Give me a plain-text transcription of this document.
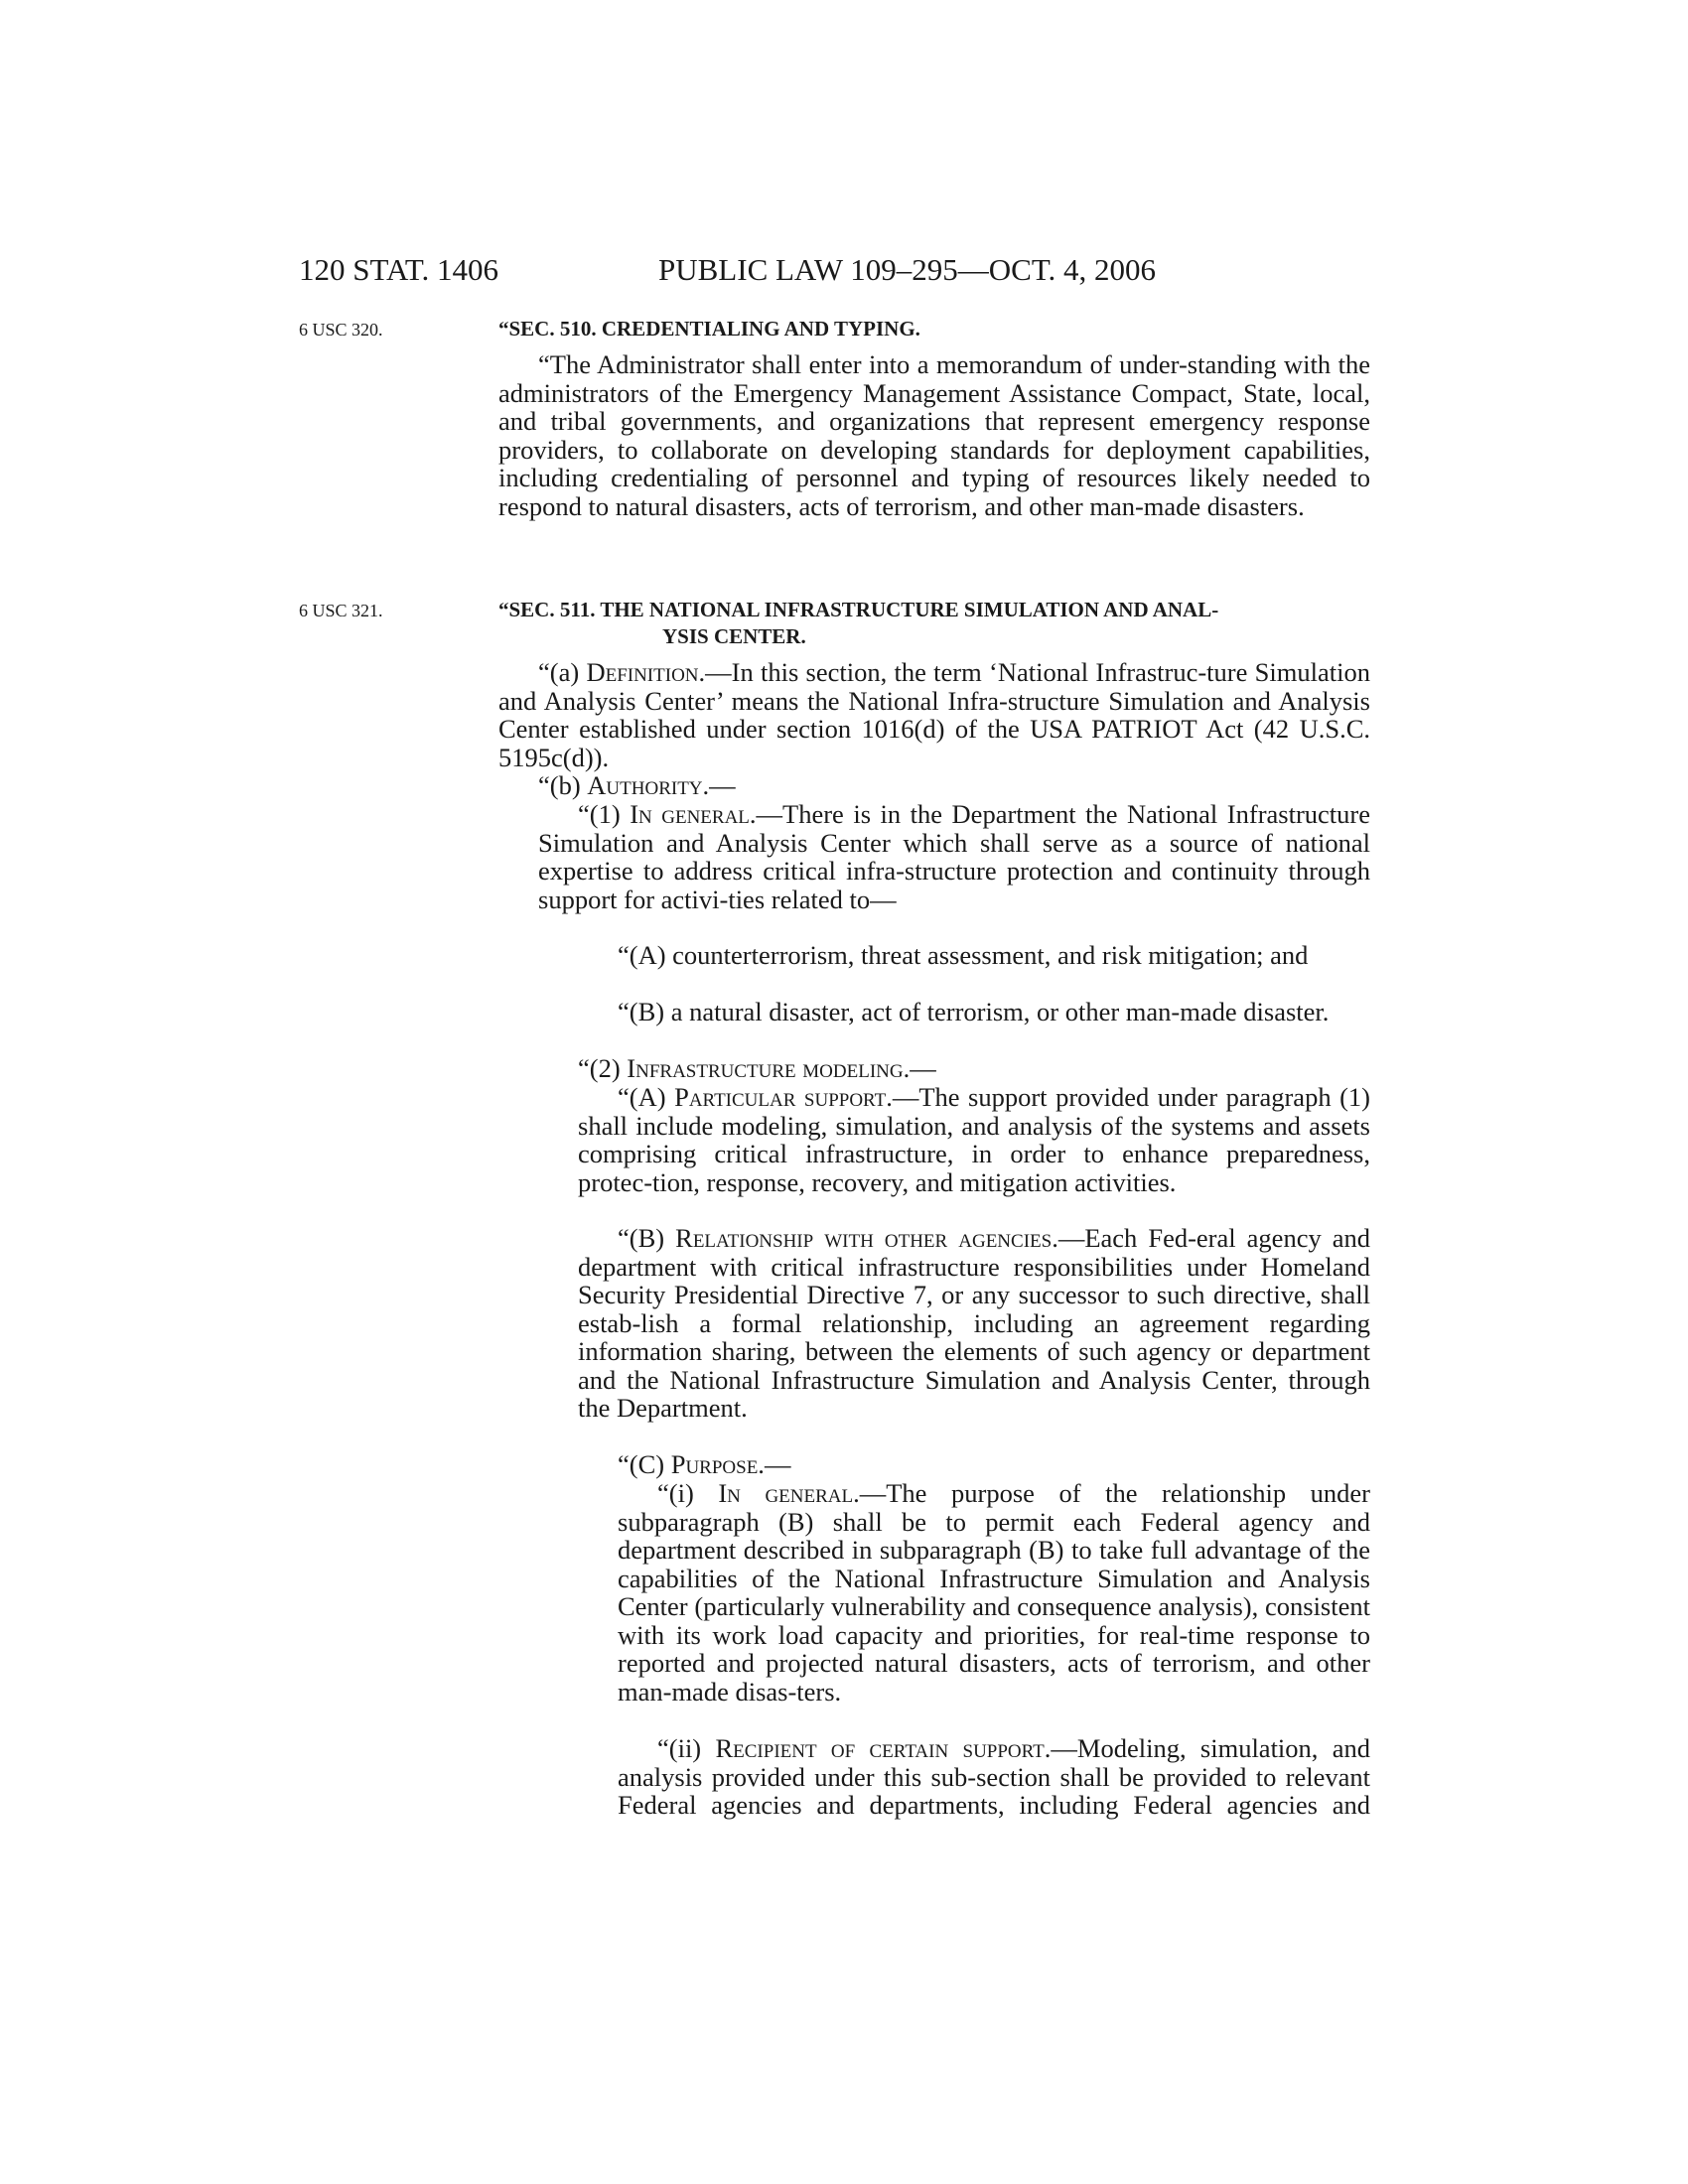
120 STAT. 1406	PUBLIC LAW 109–295—OCT. 4, 2006
6 USC 320.	“SEC. 510. CREDENTIALING AND TYPING.

“The Administrator shall enter into a memorandum of under-standing with the administrators of the Emergency Management Assistance Compact, State, local, and tribal governments, and organizations that represent emergency response providers, to collaborate on developing standards for deployment capabilities, including credentialing of personnel and typing of resources likely needed to respond to natural disasters, acts of terrorism, and other man-made disasters.

6 USC 321.	“SEC. 511. THE NATIONAL INFRASTRUCTURE SIMULATION AND ANAL-
YSIS CENTER.

“(a) Definition.—In this section, the term ‘National Infrastruc-ture Simulation and Analysis Center’ means the National Infra-structure Simulation and Analysis Center established under section 1016(d) of the USA PATRIOT Act (42 U.S.C. 5195c(d)).

“(b) Authority.—

“(1) In general.—There is in the Department the National Infrastructure Simulation and Analysis Center which shall serve as a source of national expertise to address critical infra-structure protection and continuity through support for activi-ties related to—

“(A) counterterrorism, threat assessment, and risk mitigation; and

“(B) a natural disaster, act of terrorism, or other man-made disaster.

“(2) Infrastructure modeling.—

“(A) Particular support.—The support provided under paragraph (1) shall include modeling, simulation, and analysis of the systems and assets comprising critical infrastructure, in order to enhance preparedness, protec-tion, response, recovery, and mitigation activities.

“(B) Relationship with other agencies.—Each Fed-eral agency and department with critical infrastructure responsibilities under Homeland Security Presidential Directive 7, or any successor to such directive, shall estab-lish a formal relationship, including an agreement regarding information sharing, between the elements of such agency or department and the National Infrastructure Simulation and Analysis Center, through the Department.

“(C) Purpose.—

“(i) In general.—The purpose of the relationship under subparagraph (B) shall be to permit each Federal agency and department described in subparagraph (B) to take full advantage of the capabilities of the National Infrastructure Simulation and Analysis Center (particularly vulnerability and consequence analysis), consistent with its work load capacity and priorities, for real-time response to reported and projected natural disasters, acts of terrorism, and other man-made disas-ters.

“(ii) Recipient of certain support.—Modeling, simulation, and analysis provided under this sub-section shall be provided to relevant Federal agencies and departments, including Federal agencies and
